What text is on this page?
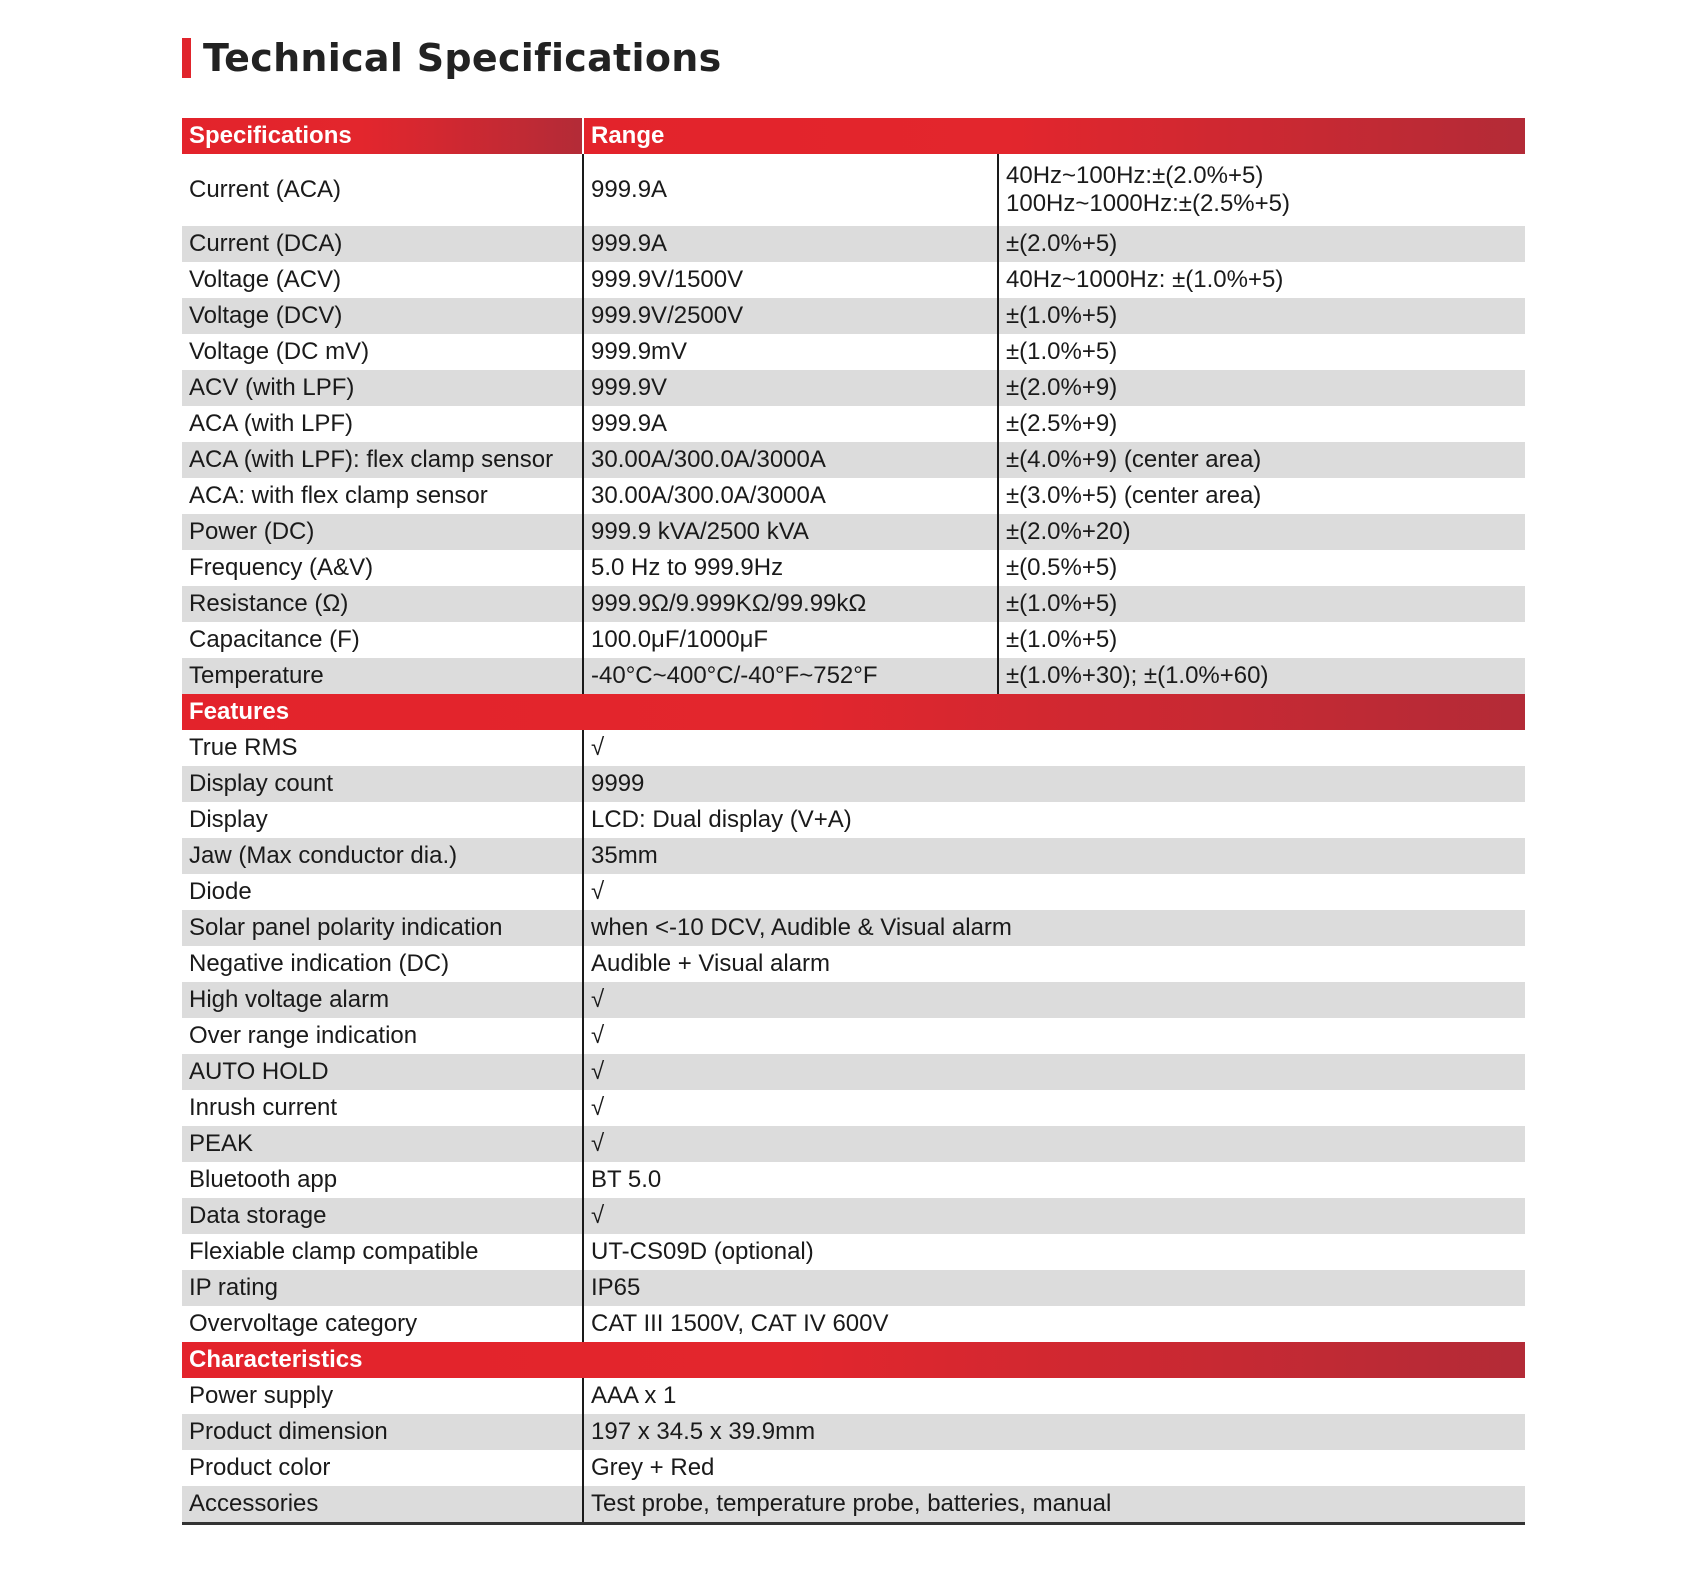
Technical Specifications
Specifications	Range	
Current (ACA)	999.9A	40Hz~100Hz:±(2.0%+5)
100Hz~1000Hz:±(2.5%+5)

Current (DCA)	999.9A	±(2.0%+5)
Voltage (ACV)	999.9V/1500V	40Hz~1000Hz: ±(1.0%+5)
Voltage (DCV)	999.9V/2500V	±(1.0%+5)
Voltage (DC mV)	999.9mV	±(1.0%+5)
ACV (with LPF)	999.9V	±(2.0%+9)
ACA (with LPF)	999.9A	±(2.5%+9)
ACA (with LPF): flex clamp sensor	30.00A/300.0A/3000A	±(4.0%+9) (center area)
ACA: with flex clamp sensor	30.00A/300.0A/3000A	±(3.0%+5) (center area)
Power (DC)	999.9 kVA/2500 kVA	±(2.0%+20)
Frequency (A&V)	5.0 Hz to 999.9Hz	±(0.5%+5)
Resistance (Ω)	999.9Ω/9.999KΩ/99.99kΩ	±(1.0%+5)
Capacitance (F)	100.0μF/1000μF	±(1.0%+5)
Temperature	-40°C~400°C/-40°F~752°F	±(1.0%+30); ±(1.0%+60)
Features		
True RMS	√	
Display count	9999	
Display	LCD: Dual display (V+A)	
Jaw (Max conductor dia.)	35mm	
Diode	√	
Solar panel polarity indication	when <-10 DCV, Audible & Visual alarm	
Negative indication (DC)	Audible + Visual alarm	
High voltage alarm	√	
Over range indication	√	
AUTO HOLD	√	
Inrush current	√	
PEAK	√	
Bluetooth app	BT 5.0	
Data storage	√	
Flexiable clamp compatible	UT-CS09D (optional)	
IP rating	IP65	
Overvoltage category	CAT III 1500V, CAT IV 600V	
Characteristics		
Power supply	AAA x 1	
Product dimension	197 x 34.5 x 39.9mm	
Product color	Grey + Red	
Accessories	Test probe, temperature probe, batteries, manual	
